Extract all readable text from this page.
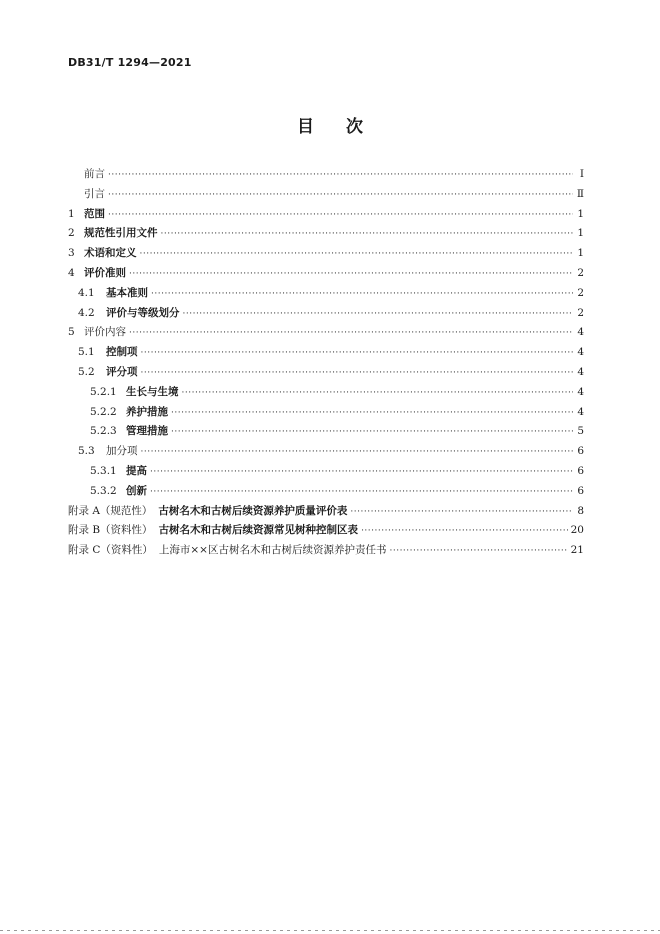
DB31/T 1294—2021
目 次
前言 ·····	Ⅰ
引言 ·····	Ⅱ
1 范围 ·····	1
2 规范性引用文件 ·····	1
3 术语和定义 ·····	1
4 评价准则 ·····	2
4.1	基本准则 ·····	2
4.2	评价与等级划分 ·····	2
5 评价内容 ·····	4
5.1	控制项 ·····	4
5.2	评分项 ·····	4
5.2.1 生长与生境 ·····	4
5.2.2 养护措施 ·····	4
5.2.3 管理措施 ·····	5
5.3	加分项 ·····	6
5.3.1 提高 ·····	6
5.3.2 创新 ·····	6
附录 A（规范性） 古树名木和古树后续资源养护质量评价表 ·····	8
附录 B（资料性） 古树名木和古树后续资源常见树种控制区表 ·····	20
附录 C（资料性） 上海市××区古树名木和古树后续资源养护责任书 ·····	21
